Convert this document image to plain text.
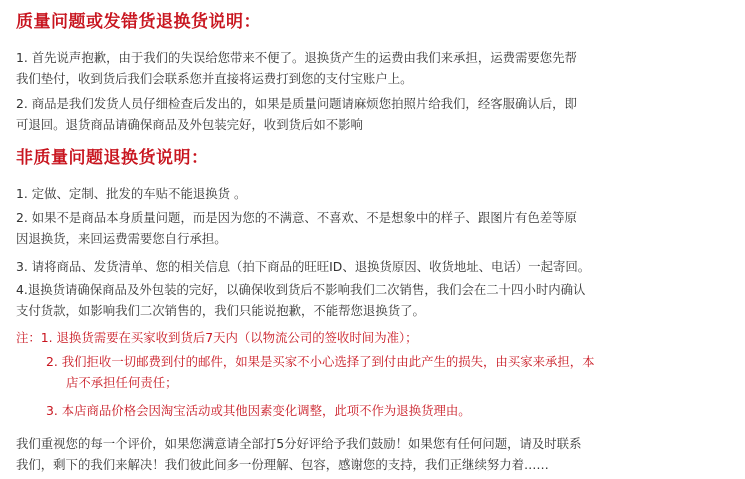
质量问题或发错货退换货说明：
1. 首先说声抱歉，由于我们的失误给您带来不便了。退换货产生的运费由我们来承担，运费需要您先帮
我们垫付，收到货后我们会联系您并直接将运费打到您的支付宝账户上。
2. 商品是我们发货人员仔细检查后发出的，如果是质量问题请麻烦您拍照片给我们，经客服确认后，即
可退回。退货商品请确保商品及外包装完好，收到货后如不影响
非质量问题退换货说明：
1. 定做、定制、批发的车贴不能退换货 。
2. 如果不是商品本身质量问题，而是因为您的不满意、不喜欢、不是想象中的样子、跟图片有色差等原
因退换货，来回运费需要您自行承担。
3. 请将商品、发货清单、您的相关信息（拍下商品的旺旺ID、退换货原因、收货地址、电话）一起寄回。
4.退换货请确保商品及外包装的完好，以确保收到货后不影响我们二次销售，我们会在二十四小时内确认
支付货款，如影响我们二次销售的，我们只能说抱歉，不能帮您退换货了。
注：1. 退换货需要在买家收到货后7天内（以物流公司的签收时间为准）；
2. 我们拒收一切邮费到付的邮件，如果是买家不小心选择了到付由此产生的损失，由买家来承担，本
店不承担任何责任；
3. 本店商品价格会因淘宝活动或其他因素变化调整，此项不作为退换货理由。
我们重视您的每一个评价，如果您满意请全部打5分好评给予我们鼓励！如果您有任何问题，请及时联系
我们，剩下的我们来解决！我们彼此间多一份理解、包容，感谢您的支持，我们正继续努力着……
